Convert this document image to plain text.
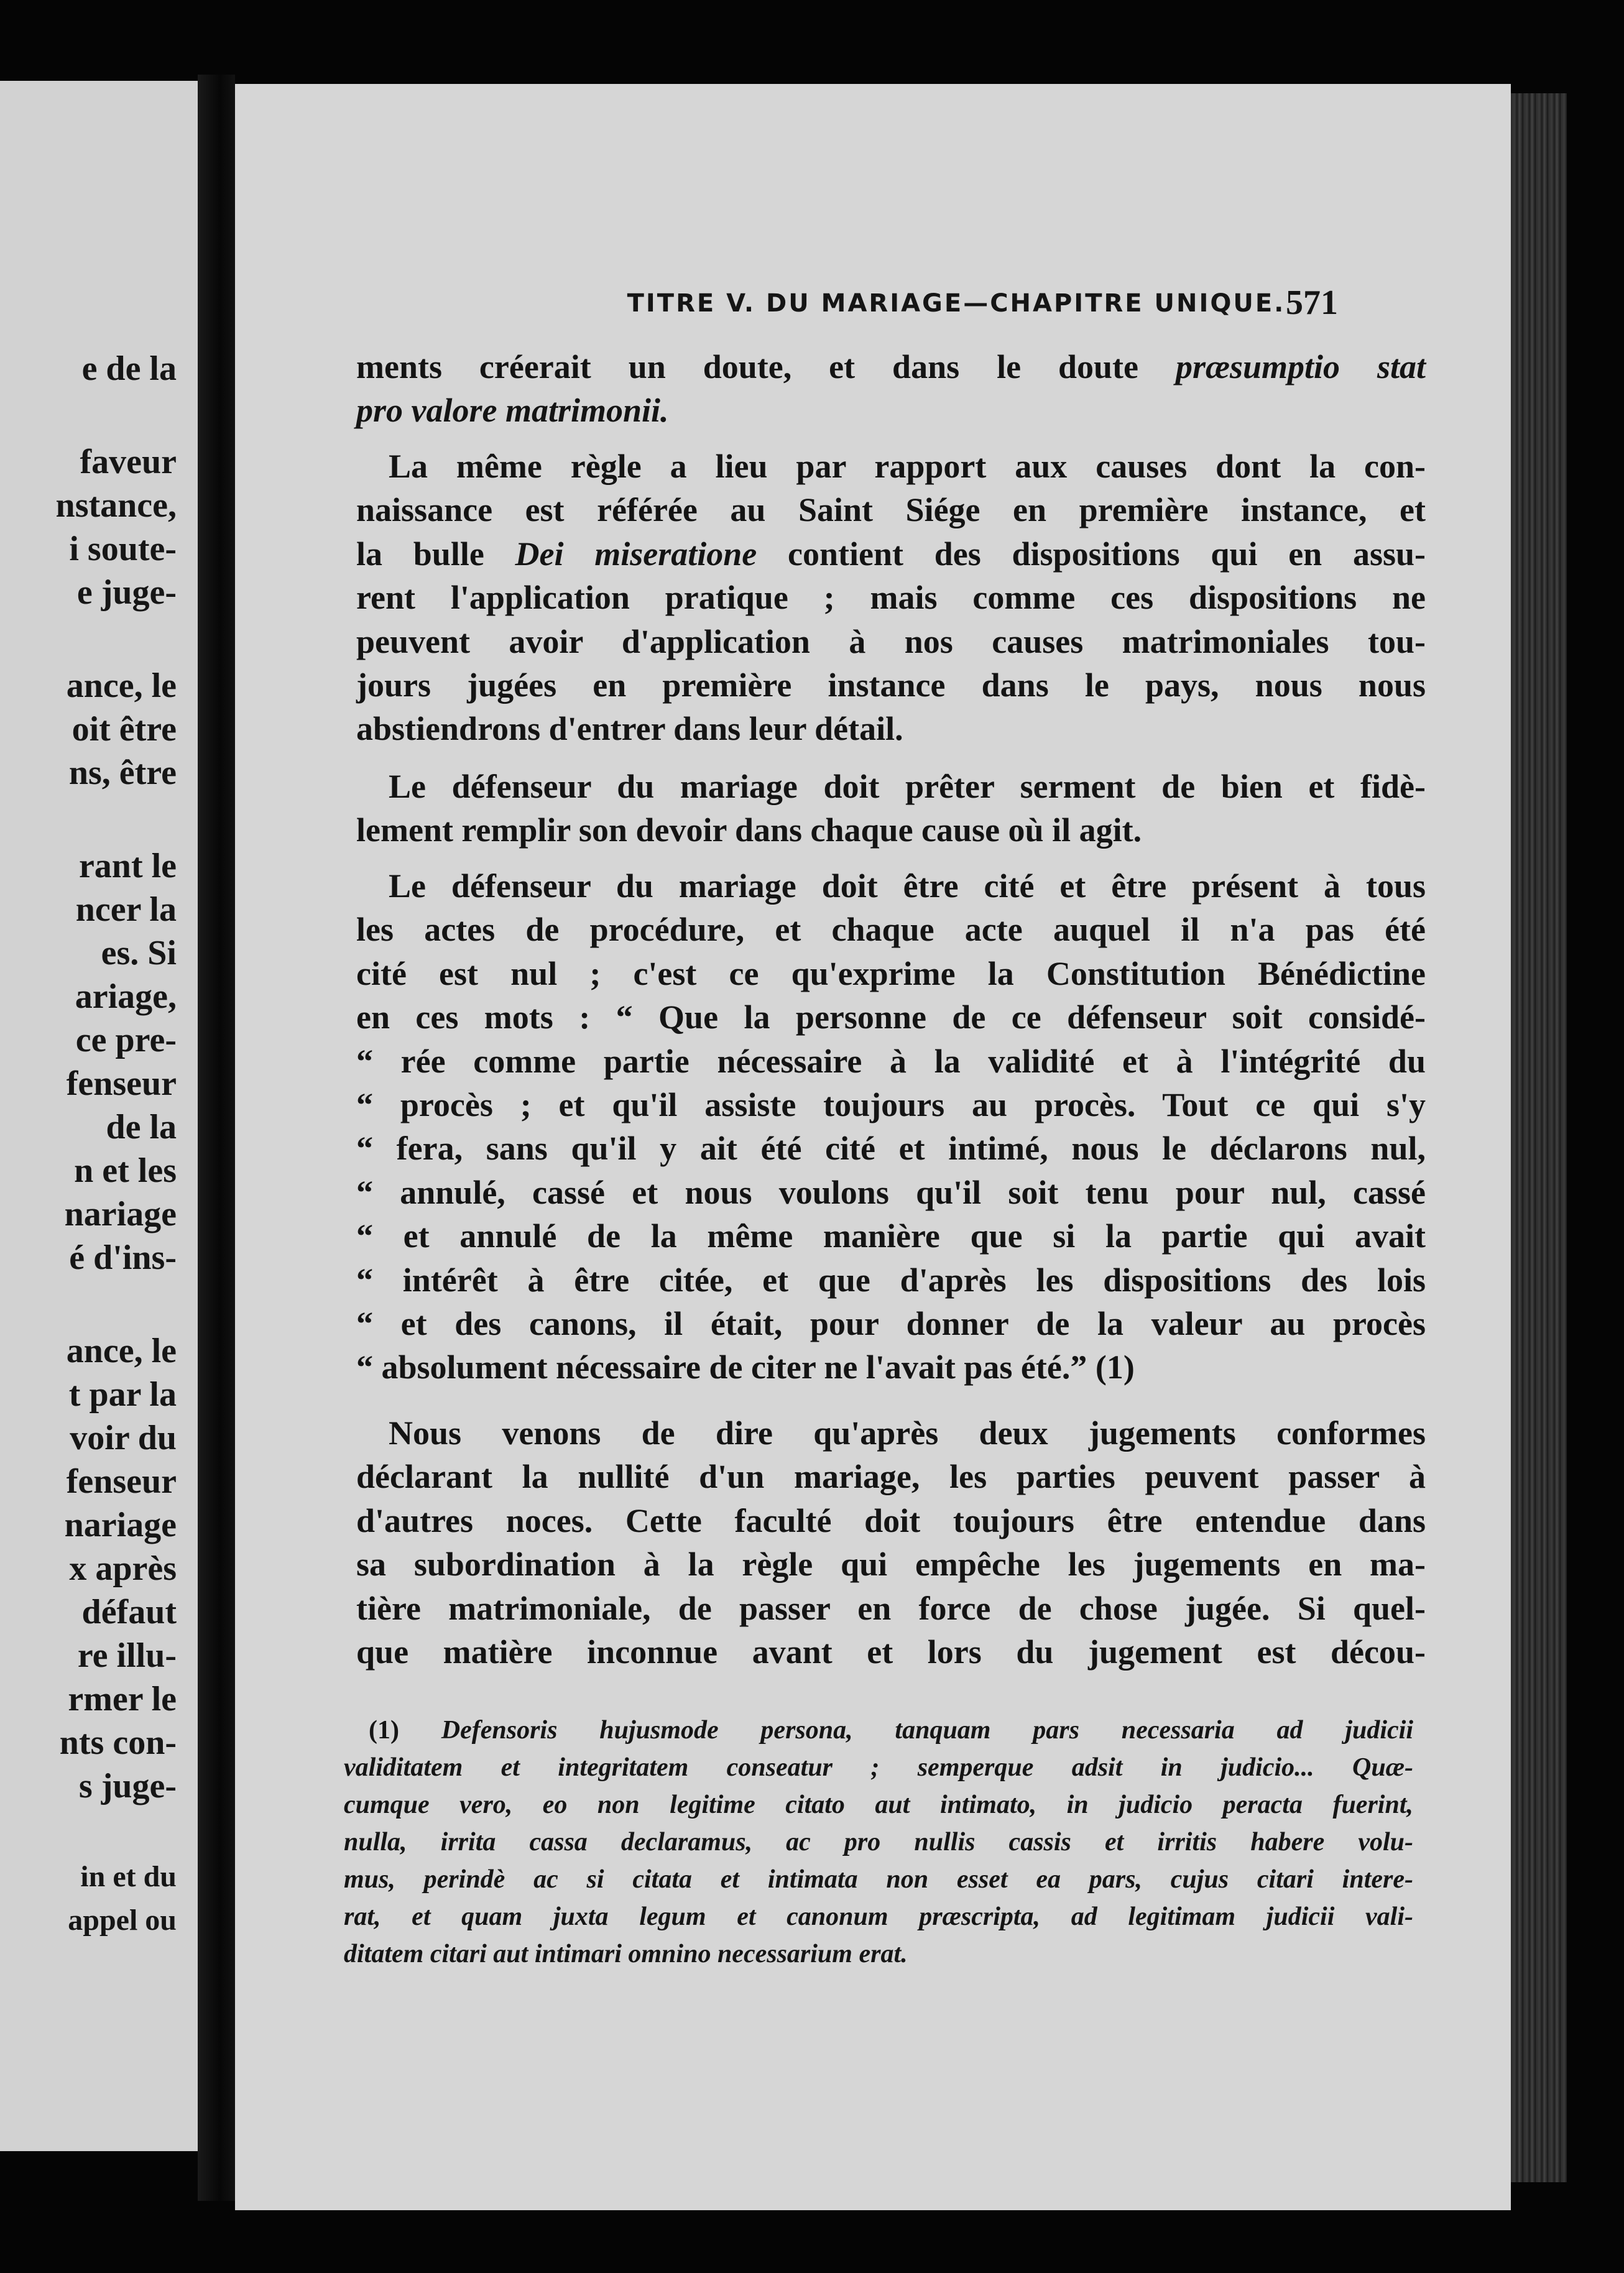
e de la
faveur
nstance,
i soute-
e juge-
ance, le
oit être
ns, être
rant le
ncer la
es. Si
ariage,
ce pre-
fenseur
de la
n et les
nariage
é d'ins-
ance, le
t par la
voir du
fenseur
nariage
x après
défaut
re illu-
rmer le
nts con-
s juge-
in et du
appel ou
TITRE V. DU MARIAGE—CHAPITRE UNIQUE. 571
ments créerait un doute, et dans le doute præsumptio stat
pro valore matrimonii.
La même règle a lieu par rapport aux causes dont la con-
naissance est référée au Saint Siége en première instance, et
la bulle Dei miseratione contient des dispositions qui en assu-
rent l'application pratique ; mais comme ces dispositions ne
peuvent avoir d'application à nos causes matrimoniales tou-
jours jugées en première instance dans le pays, nous nous
abstiendrons d'entrer dans leur détail.
Le défenseur du mariage doit prêter serment de bien et fidè-
lement remplir son devoir dans chaque cause où il agit.
Le défenseur du mariage doit être cité et être présent à tous
les actes de procédure, et chaque acte auquel il n'a pas été
cité est nul ; c'est ce qu'exprime la Constitution Bénédictine
en ces mots : “ Que la personne de ce défenseur soit considé-
“ rée comme partie nécessaire à la validité et à l'intégrité du
“ procès ; et qu'il assiste toujours au procès. Tout ce qui s'y
“ fera, sans qu'il y ait été cité et intimé, nous le déclarons nul,
“ annulé, cassé et nous voulons qu'il soit tenu pour nul, cassé
“ et annulé de la même manière que si la partie qui avait
“ intérêt à être citée, et que d'après les dispositions des lois
“ et des canons, il était, pour donner de la valeur au procès
“ absolument nécessaire de citer ne l'avait pas été.” (1)
Nous venons de dire qu'après deux jugements conformes
déclarant la nullité d'un mariage, les parties peuvent passer à
d'autres noces. Cette faculté doit toujours être entendue dans
sa subordination à la règle qui empêche les jugements en ma-
tière matrimoniale, de passer en force de chose jugée. Si quel-
que matière inconnue avant et lors du jugement est décou-
(1) Defensoris hujusmode persona, tanquam pars necessaria ad judicii
validitatem et integritatem conseatur ; semperque adsit in judicio... Quæ-
cumque vero, eo non legitime citato aut intimato, in judicio peracta fuerint,
nulla, irrita cassa declaramus, ac pro nullis cassis et irritis habere volu-
mus, perindè ac si citata et intimata non esset ea pars, cujus citari intere-
rat, et quam juxta legum et canonum præscripta, ad legitimam judicii vali-
ditatem citari aut intimari omnino necessarium erat.
